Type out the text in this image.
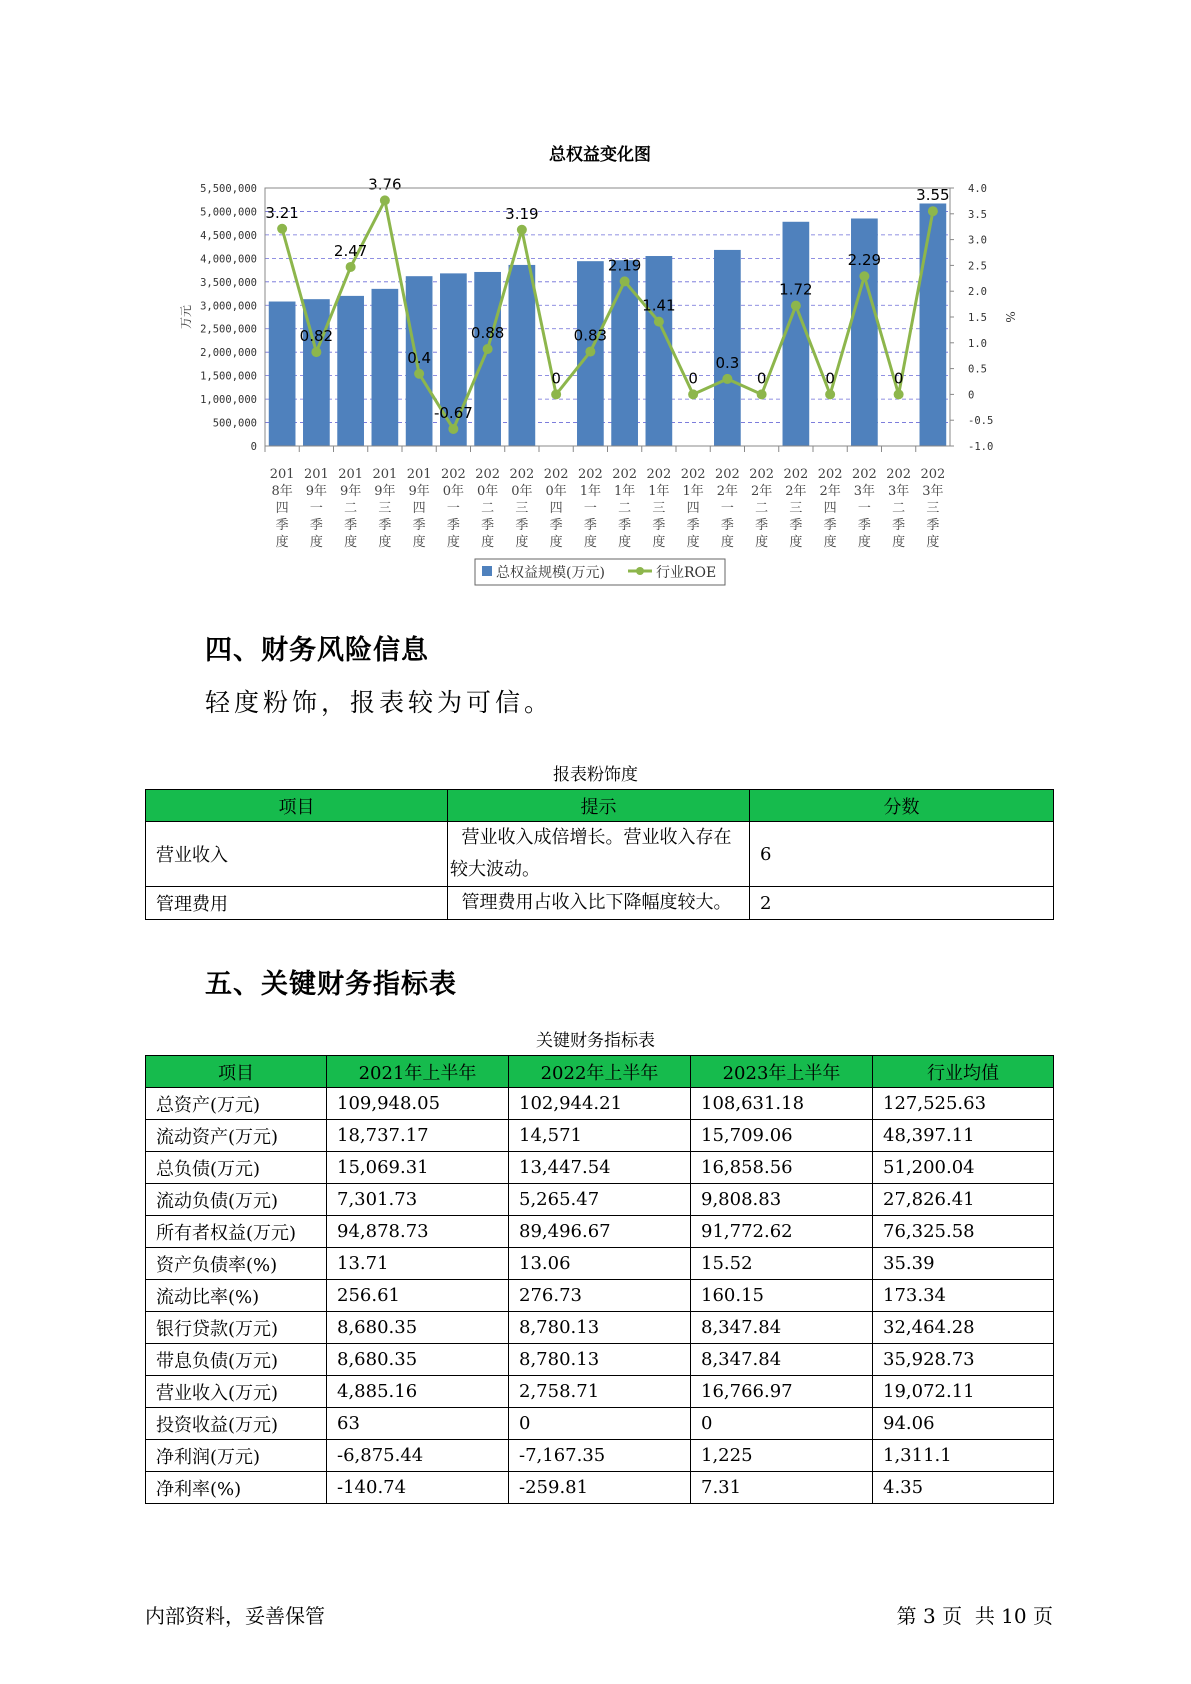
总权益变化图
3.21
0.82
2.47
3.76
0.4
-0.67
0.88
3.19
0
0.83
2.19
1.41
0
0.3
0
1.72
0
2.29
0
3.55
0
500,000
1,000,000
1,500,000
2,000,000
2,500,000
3,000,000
3,500,000
4,000,000
4,500,000
5,000,000
5,500,000
-1.0
-0.5
0
0.5
1.0
1.5
2.0
2.5
3.0
3.5
4.0
万元	%
201
8年
四
季
度
201
9年
一
季
度
201
9年
二
季
度
201
9年
三
季
度
201
9年
四
季
度
202
0年
一
季
度
202
0年
二
季
度
202
0年
三
季
度
202
0年
四
季
度
202
1年
一
季
度
202
1年
二
季
度
202
1年
三
季
度
202
1年
四
季
度
202
2年
一
季
度
202
2年
二
季
度
202
2年
三
季
度
202
2年
四
季
度
202
3年
一
季
度
202
3年
二
季
度
202
3年
三
季
度
总权益规模(万元)	行业ROE
四、财务风险信息
轻度粉饰，报表较为可信。
报表粉饰度
项目	提示	分数
营业收入	营业收入成倍增长。营业收入存在较大波动。	6
管理费用	管理费用占收入比下降幅度较大。	2
五、关键财务指标表
关键财务指标表
项目	2021年上半年	2022年上半年	2023年上半年	行业均值
总资产(万元)	109,948.05	102,944.21	108,631.18	127,525.63
流动资产(万元)	18,737.17	14,571	15,709.06	48,397.11
总负债(万元)	15,069.31	13,447.54	16,858.56	51,200.04
流动负债(万元)	7,301.73	5,265.47	9,808.83	27,826.41
所有者权益(万元)	94,878.73	89,496.67	91,772.62	76,325.58
资产负债率(%)	13.71	13.06	15.52	35.39
流动比率(%)	256.61	276.73	160.15	173.34
银行贷款(万元)	8,680.35	8,780.13	8,347.84	32,464.28
带息负债(万元)	8,680.35	8,780.13	8,347.84	35,928.73
营业收入(万元)	4,885.16	2,758.71	16,766.97	19,072.11
投资收益(万元)	63	0	0	94.06
净利润(万元)	-6,875.44	-7,167.35	1,225	1,311.1
净利率(%)	-140.74	-259.81	7.31	4.35
内部资料，妥善保管	第 3 页  共 10 页
